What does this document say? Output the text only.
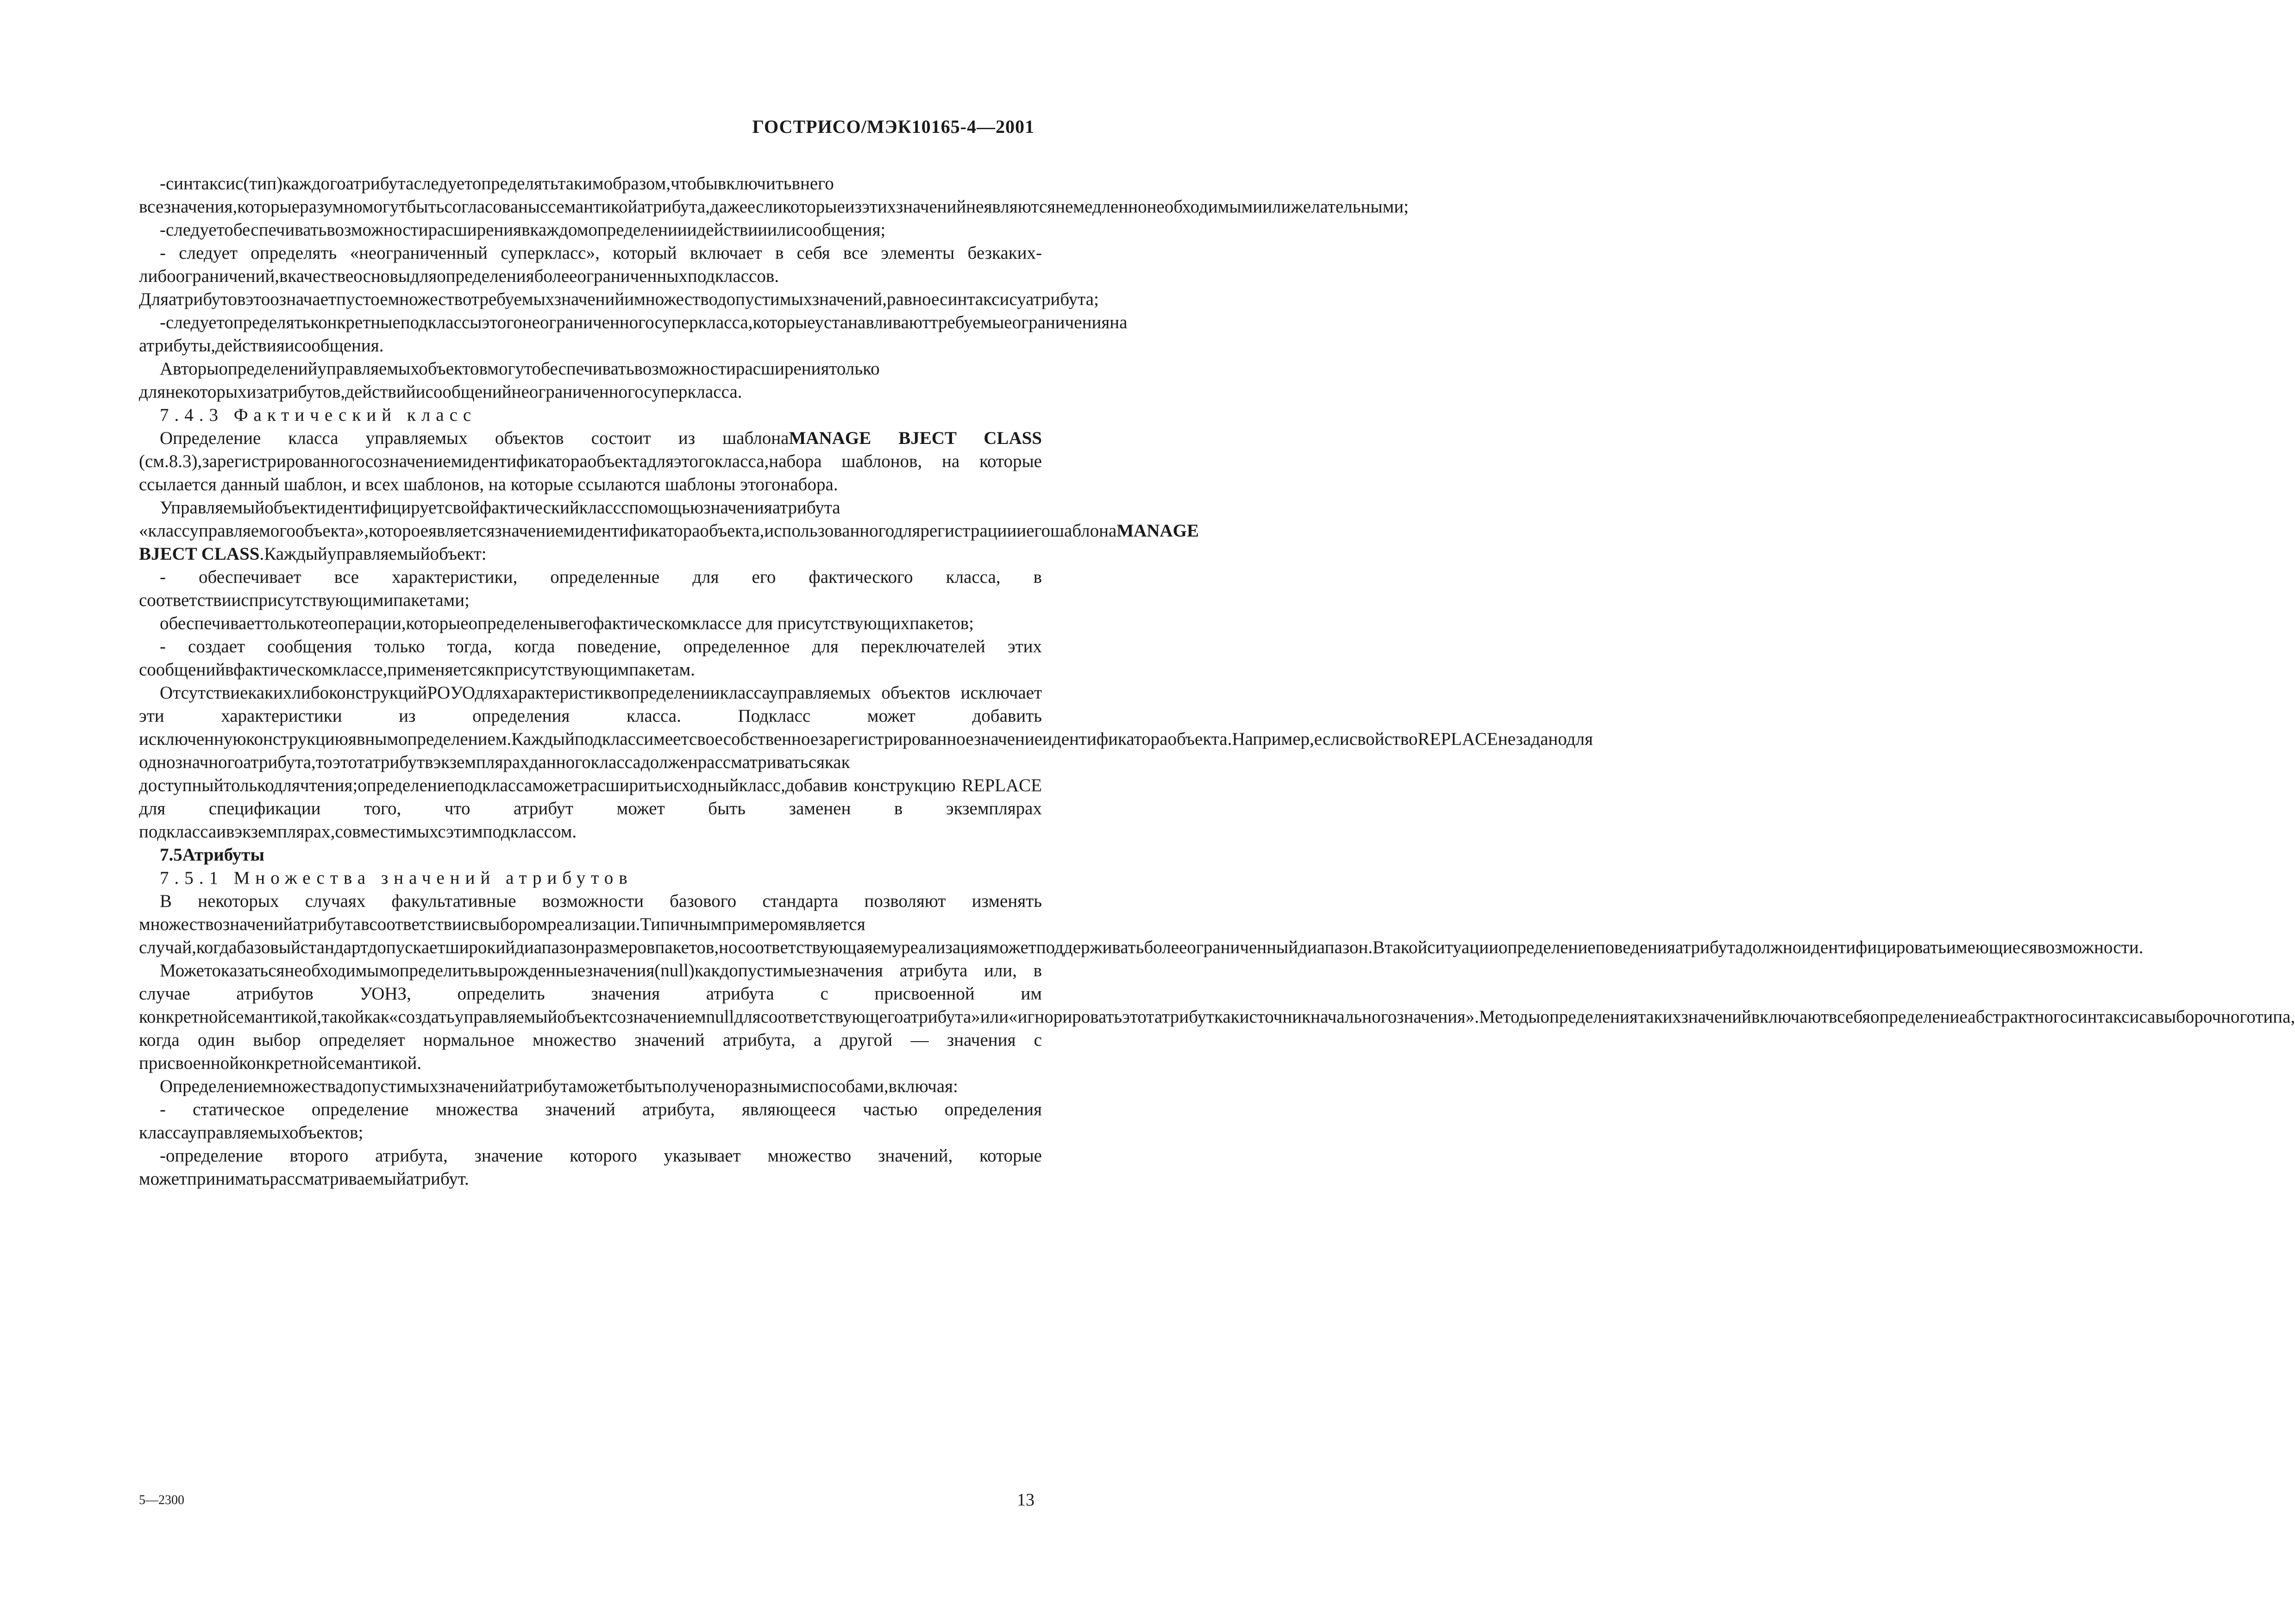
ГОСТРИСО/МЭК10165-4—2001

-синтаксис(тип)каждогоатрибутаследуетопределятьтакимобразом,чтобывключитьвнего всезначения,которыеразумномогутбытьсогласованыссемантикойатрибута,дажеесликоторыеизэтихзначенийнеявляютсянемедленнонеобходимымиилижелательными;

-следуетобеспечиватьвозможностирасширениявкаждомопределенииидействииилисообщения;

- следует определять «неограниченный суперкласс», который включает в себя все элементы безкаких-либоограничений,вкачествеосновыдляопределенияболееограниченныхподклассов. Дляатрибутовэтоозначаетпустоемножествотребуемыхзначенийимножестводопустимыхзначений,равноесинтаксисуатрибута;

-следуетопределятьконкретныеподклассыэтогонеограниченногосуперкласса,которыеустанавливаюттребуемыеограниченияна атрибуты,действияисообщения.

Авторыопределенийуправляемыхобъектовмогутобеспечиватьвозможностирасширениятолько длянекоторыхизатрибутов,действийисообщенийнеограниченногосуперкласса.

7.4.3 Фактический класс

Определение класса управляемых объектов состоит из шаблонаMANAGE BJECT CLASS (см.8.3),зарегистрированногосозначениемидентификатораобъектадляэтогокласса,набора шаблонов, на которые ссылается данный шаблон, и всех шаблонов, на которые ссылаются шаблоны этогонабора.

Управляемыйобъектидентифицируетсвойфактическийклассспомощьюзначенияатрибута «классуправляемогообъекта»,котороеявляетсязначениемидентификатораобъекта,использованногодлярегистрациииегошаблонаMANAGE BJECT CLASS.Каждыйуправляемыйобъект:

- обеспечивает все характеристики, определенные для его фактического класса, в соответствиисприсутствующимипакетами;

обеспечиваеттолькотеоперации,которыеопределенывегофактическомклассе для присутствующихпакетов;

- создает сообщения только тогда, когда поведение, определенное для переключателей этих сообщенийвфактическомклассе,применяетсякприсутствующимпакетам.

ОтсутствиекакихлибоконструкцийPOУОдляхарактеристиквопределенииклассауправляемых объектов исключает эти характеристики из определения класса. Подкласс может добавить исключеннуюконструкциюявнымопределением.Каждыйподклассимеетсвоесобственноезарегистрированноезначениеидентификатораобъекта.Например,еслисвойствоREPLACEнезаданодля однозначногоатрибута,тоэтотатрибутвэкземплярахданногоклассадолженрассматриватьсякак доступныйтолькодлячтения;определениеподклассаможетрасширитьисходныйкласс,добавив конструкцию REPLACE для спецификации того, что атрибут может быть заменен в экземплярах подклассаивэкземплярах,совместимыхсэтимподклассом.

7.5Атрибуты
7.5.1 Множества значений атрибутов

В некоторых случаях факультативные возможности базового стандарта позволяют изменять множествозначенийатрибутавсоответствиисвыборомреализации.Типичнымпримеромявляется случай,когдабазовыйстандартдопускаетширокийдиапазонразмеровпакетов,носоответствующаяемуреализацияможетподдерживатьболееограниченныйдиапазон.Втакойситуацииопределениеповеденияатрибутадолжноидентифицироватьимеющиесявозможности.

Можетоказатьсянеобходимымопределитьвырожденныезначения(null)какдопустимыезначения атрибута или, в случае атрибутов УОНЗ, определить значения атрибута с присвоенной им конкретнойсемантикой,такойкак«создатьуправляемыйобъектсозначениемnullдлясоответствующегоатрибута»или«игнорироватьэтотатрибуткакисточникначальногозначения».Методыопределениятакихзначенийвключаютвсебяопределениеабстрактногосинтаксисавыборочноготипа, когда один выбор определяет нормальное множество значений атрибута, а другой — значения с присвоеннойконкретнойсемантикой.

Определениемножествадопустимыхзначенийатрибутаможетбытьполученоразнымиспособами,включая:

- статическое определение множества значений атрибута, являющееся частью определения классауправляемыхобъектов;

-определение второго атрибута, значение которого указывает множество значений, которые можетприниматьрассматриваемыйатрибут.

5—2300	13
